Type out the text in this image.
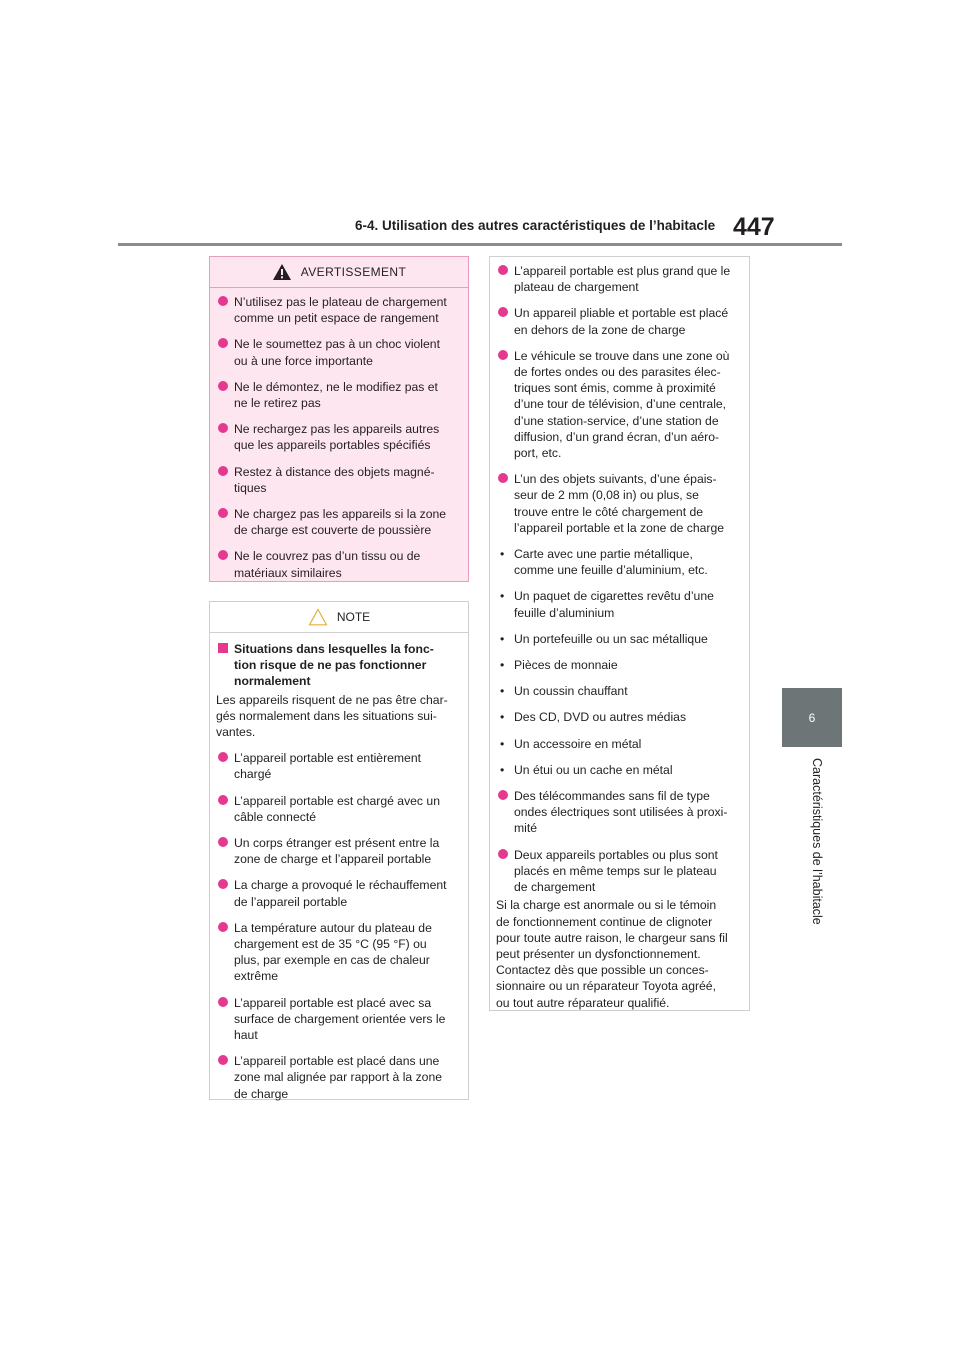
6-4. Utilisation des autres caractéristiques de l’habitacle 447
6
Caractéristiques de l’habitacle
AVERTISSEMENT
N’utilisez pas le plateau de chargement
comme un petit espace de rangement
Ne le soumettez pas à un choc violent
ou à une force importante
Ne le démontez, ne le modifiez pas et
ne le retirez pas
Ne rechargez pas les appareils autres
que les appareils portables spécifiés
Restez à distance des objets magné-
tiques
Ne chargez pas les appareils si la zone
de charge est couverte de poussière
Ne le couvrez pas d’un tissu ou de
matériaux similaires
NOTE
Situations dans lesquelles la fonc-
tion risque de ne pas fonctionner
normalement
Les appareils risquent de ne pas être char-
gés normalement dans les situations sui-
vantes.
L’appareil portable est entièrement
chargé
L’appareil portable est chargé avec un
câble connecté
Un corps étranger est présent entre la
zone de charge et l’appareil portable
La charge a provoqué le réchauffement
de l’appareil portable
La température autour du plateau de
chargement est de 35 °C (95 °F) ou
plus, par exemple en cas de chaleur
extrême
L’appareil portable est placé avec sa
surface de chargement orientée vers le
haut
L’appareil portable est placé dans une
zone mal alignée par rapport à la zone
de charge
L’appareil portable est plus grand que le
plateau de chargement
Un appareil pliable et portable est placé
en dehors de la zone de charge
Le véhicule se trouve dans une zone où
de fortes ondes ou des parasites élec-
triques sont émis, comme à proximité
d’une tour de télévision, d’une centrale,
d’une station-service, d’une station de
diffusion, d’un grand écran, d’un aéro-
port, etc.
L’un des objets suivants, d’une épais-
seur de 2 mm (0,08 in) ou plus, se
trouve entre le côté chargement de
l’appareil portable et la zone de charge
• Carte avec une partie métallique,
comme une feuille d’aluminium, etc.
• Un paquet de cigarettes revêtu d’une
feuille d’aluminium
• Un portefeuille ou un sac métallique
• Pièces de monnaie
• Un coussin chauffant
• Des CD, DVD ou autres médias
• Un accessoire en métal
• Un étui ou un cache en métal
Des télécommandes sans fil de type
ondes électriques sont utilisées à proxi-
mité
Deux appareils portables ou plus sont
placés en même temps sur le plateau
de chargement
Si la charge est anormale ou si le témoin
de fonctionnement continue de clignoter
pour toute autre raison, le chargeur sans fil
peut présenter un dysfonctionnement.
Contactez dès que possible un conces-
sionnaire ou un réparateur Toyota agréé,
ou tout autre réparateur qualifié.
